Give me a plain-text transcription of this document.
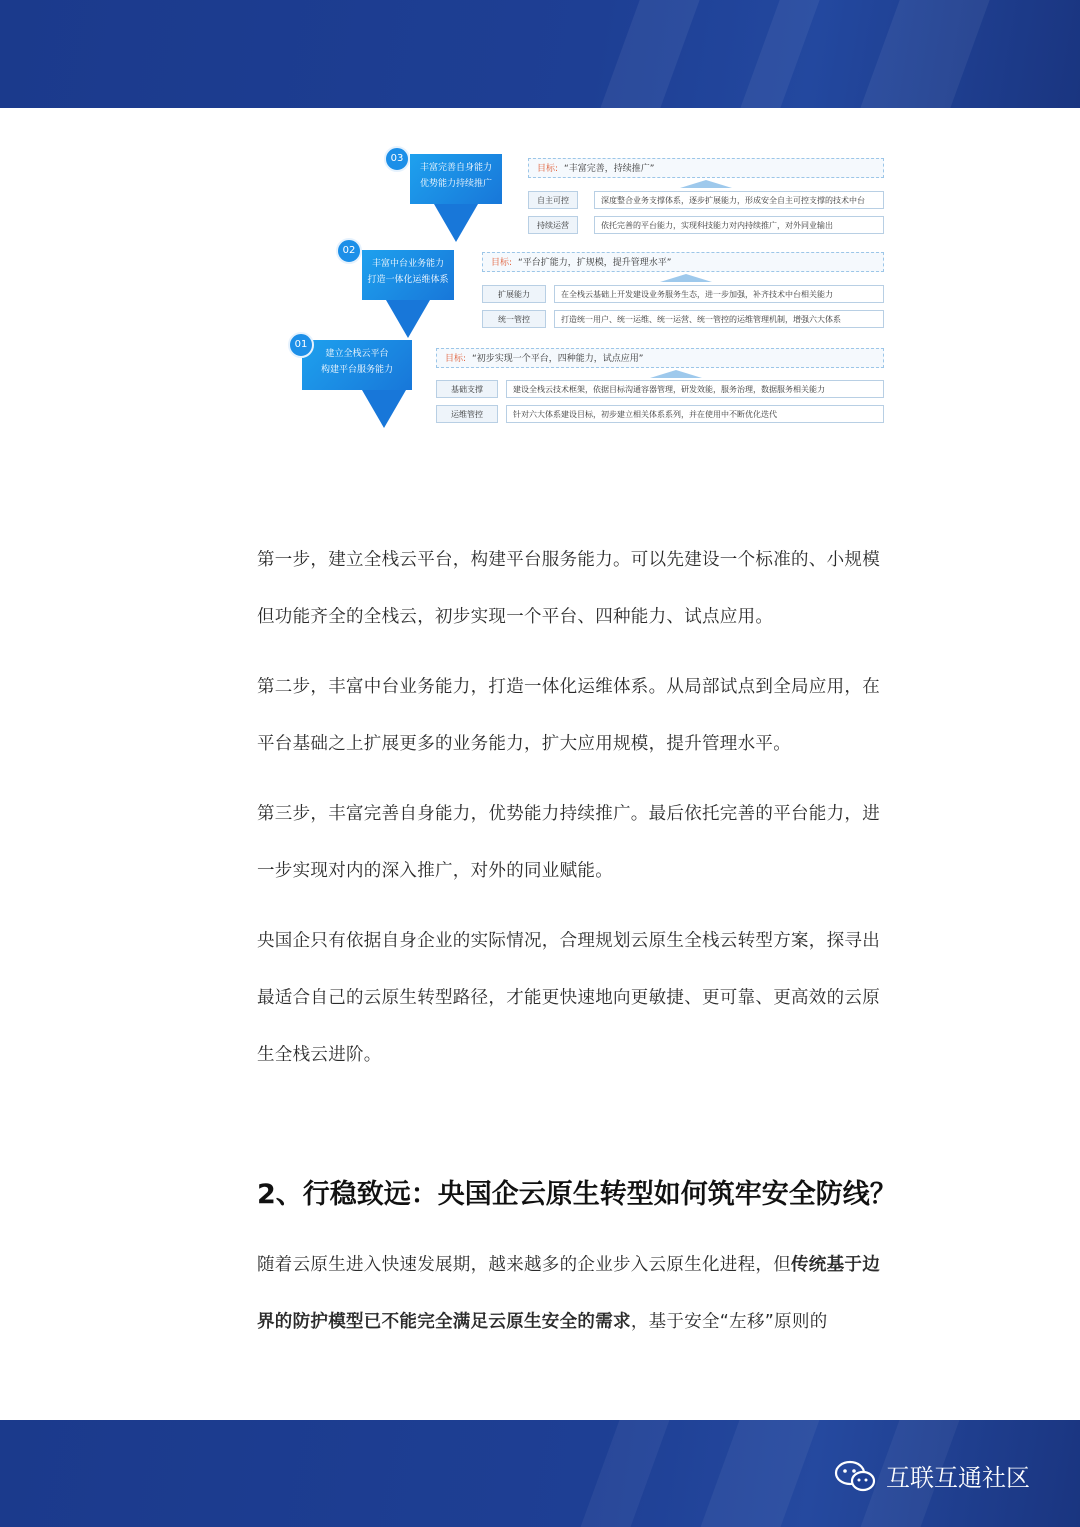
丰富完善自身能力
优势能力持续推广
03
目标: “丰富完善，持续推广”
自主可控	深度整合业务支撑体系，逐步扩展能力，形成安全自主可控支撑的技术中台
持续运营	依托完善的平台能力，实现科技能力对内持续推广，对外同业输出
丰富中台业务能力
打造一体化运维体系
02
目标: “平台扩能力，扩规模，提升管理水平”
扩展能力	在全栈云基础上开发建设业务服务生态，进一步加强，补齐技术中台相关能力
统一管控	打造统一用户、统一运维、统一运营、统一管控的运维管理机制，增强六大体系
建立全栈云平台
构建平台服务能力
01
目标: “初步实现一个平台，四种能力，试点应用”
基础支撑	建设全栈云技术框架，依据目标沟通容器管理，研发效能，服务治理，数据服务相关能力
运维管控	针对六大体系建设目标，初步建立相关体系系列，并在使用中不断优化迭代
第一步，建立全栈云平台，构建平台服务能力。可以先建设一个标准的、小规模
但功能齐全的全栈云，初步实现一个平台、四种能力、试点应用。
第二步，丰富中台业务能力，打造一体化运维体系。从局部试点到全局应用，在
平台基础之上扩展更多的业务能力，扩大应用规模，提升管理水平。
第三步，丰富完善自身能力，优势能力持续推广。最后依托完善的平台能力，进
一步实现对内的深入推广，对外的同业赋能。
央国企只有依据自身企业的实际情况，合理规划云原生全栈云转型方案，探寻出
最适合自己的云原生转型路径，才能更快速地向更敏捷、更可靠、更高效的云原
生全栈云进阶。
2、行稳致远：央国企云原生转型如何筑牢安全防线？
随着云原生进入快速发展期，越来越多的企业步入云原生化进程，但传统基于边
界的防护模型已不能完全满足云原生安全的需求，基于安全“左移”原则的
互联互通社区
